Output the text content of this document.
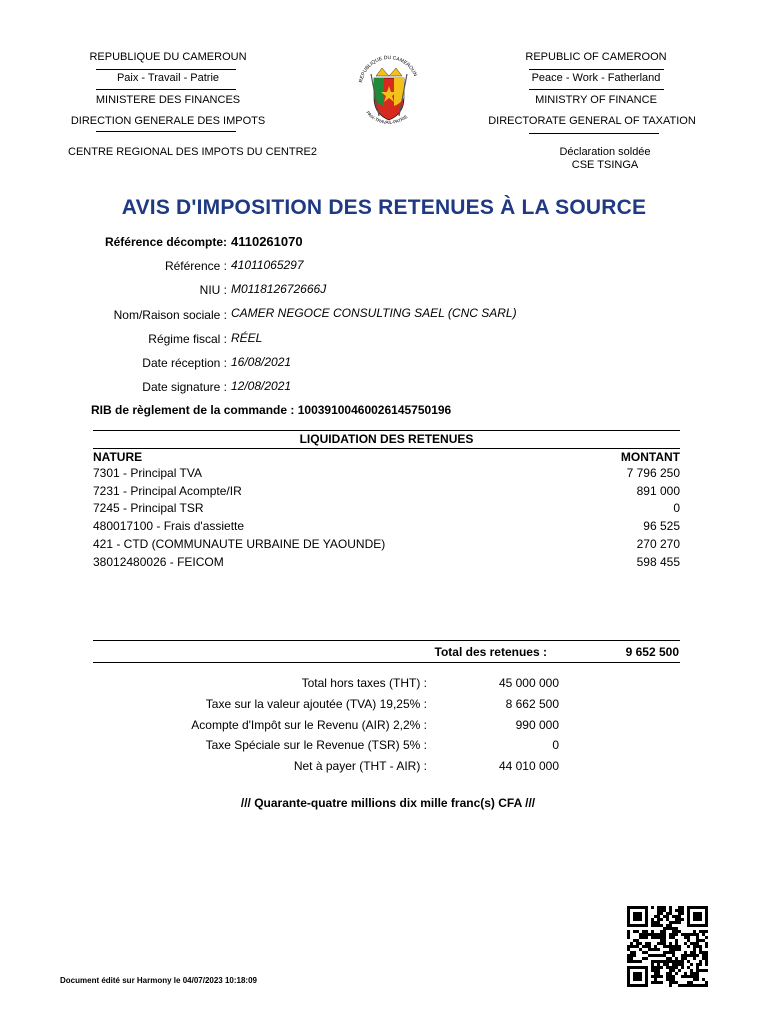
REPUBLIQUE DU CAMEROUN
Paix - Travail - Patrie
MINISTERE DES FINANCES
DIRECTION GENERALE DES IMPOTS
CENTRE REGIONAL DES IMPOTS DU CENTRE2
REPUBLIQUE DU CAMEROUN
PAIX-TRAVAIL-PATRIE
REPUBLIC OF CAMEROON
Peace - Work - Fatherland
MINISTRY OF FINANCE
DIRECTORATE GENERAL OF TAXATION
Déclaration soldée
CSE TSINGA
AVIS D'IMPOSITION DES RETENUES À LA SOURCE
Référence décompte: 4110261070
Référence : 41011065297
NIU : M011812672666J
Nom/Raison sociale : CAMER NEGOCE CONSULTING SAEL (CNC SARL)
Régime fiscal : RÉEL
Date réception : 16/08/2021
Date signature : 12/08/2021
RIB de règlement de la commande : 10039100460026145750196
LIQUIDATION DES RETENUES
NATURE	MONTANT
7301 - Principal TVA	7 796 250
7231 - Principal Acompte/IR	891 000
7245 - Principal TSR	0
480017100 - Frais d'assiette	96 525
421 - CTD (COMMUNAUTE URBAINE DE YAOUNDE)	270 270
38012480026 - FEICOM	598 455
Total des retenues :	9 652 500
Total hors taxes (THT) :	45 000 000
Taxe sur la valeur ajoutée (TVA) 19,25% :	8 662 500
Acompte d'Impôt sur le Revenu (AIR) 2,2% :	990 000
Taxe Spéciale sur le Revenue (TSR) 5% :	0
Net à payer (THT - AIR) :	44 010 000
/// Quarante-quatre millions dix mille franc(s) CFA ///
Document édité sur Harmony le 04/07/2023 10:18:09
